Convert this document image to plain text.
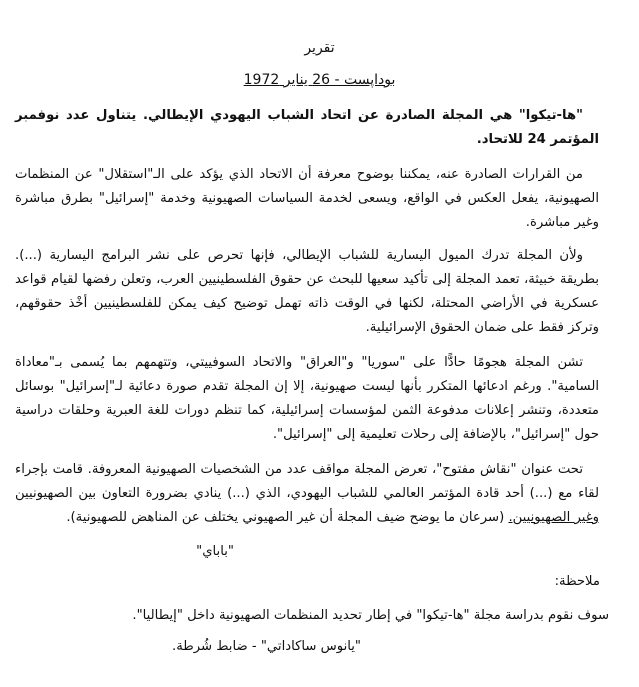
تقرير
بوداپست - 26 يناير 1972
"ها-تيكوا" هي المجلة الصادرة عن اتحاد الشباب اليهودي الإيطالي. يتناول عدد نوفمبر المؤتمر 24 للاتحاد.
من القرارات الصادرة عنه، يمكننا بوضوح معرفة أن الاتحاد الذي يؤكد على الـ"استقلال" عن المنظمات الصهيونية، يفعل العكس في الواقع، ويسعى لخدمة السياسات الصهيونية وخدمة "إسرائيل" بطرق مباشرة وغير مباشرة.
ولأن المجلة تدرك الميول اليسارية للشباب الإيطالي، فإنها تحرص على نشر البرامج اليسارية (...). بطريقة خبيثة، تعمد المجلة إلى تأكيد سعيها للبحث عن حقوق الفلسطينيين العرب، وتعلن رفضها لقيام قواعد عسكرية في الأراضي المحتلة، لكنها في الوقت ذاته تهمل توضيح كيف يمكن للفلسطينيين أخْذ حقوقهم، وتركز فقط على ضمان الحقوق الإسرائيلية.
تشن المجلة هجومًا حادًّا على "سوريا" و"العراق" والاتحاد السوفييتي، وتتهمهم بما يُسمى بـ"معاداة السامية". ورغم ادعائها المتكرر بأنها ليست صهيونية، إلا إن المجلة تقدم صورة دعائية لـ"إسرائيل" بوسائل متعددة، وتنشر إعلانات مدفوعة الثمن لمؤسسات إسرائيلية، كما تنظم دورات للغة العبرية وحلقات دراسية حول "إسرائيل"، بالإضافة إلى رحلات تعليمية إلى "إسرائيل".
تحت عنوان "نقاش مفتوح"، تعرض المجلة مواقف عدد من الشخصيات الصهيونية المعروفة. قامت بإجراء لقاء مع (...) أحد قادة المؤتمر العالمي للشباب اليهودي، الذي (...) ينادي بضرورة التعاون بين الصهيونيين وغير الصهيونيين. (سرعان ما يوضح ضيف المجلة أن غير الصهيوني يختلف عن المناهض للصهيونية).
"باباي"
ملاحظة:
سوف نقوم بدراسة مجلة "ها-تيكوا" في إطار تحديد المنظمات الصهيونية داخل "إيطاليا".
"يانوس ساكاداتي" - ضابط شُرطة.
